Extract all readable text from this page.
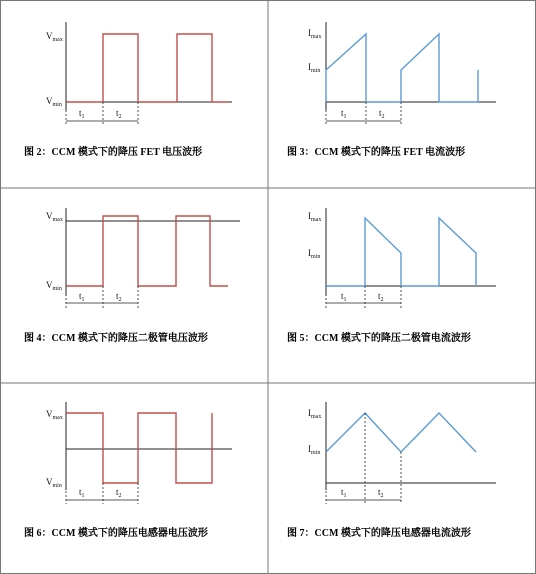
$V_{max}$
$V_{min}$
$t_1$	$t_2$
图 2：CCM 模式下的降压 FET 电压波形
$I_{max}$
$I_{min}$
$t_1$	$t_2$
图 3：CCM 模式下的降压 FET 电流波形
$V_{max}$
$V_{min}$
$t_1$	$t_2$
图 4：CCM 模式下的降压二极管电压波形
$I_{max}$
$I_{min}$
$t_1$	$t_2$
图 5：CCM 模式下的降压二极管电流波形
$V_{max}$
$V_{min}$
$t_1$	$t_2$
图 6：CCM 模式下的降压电感器电压波形
$I_{max}$
$I_{min}$
$t_1$	$t_2$
图 7：CCM 模式下的降压电感器电流波形
